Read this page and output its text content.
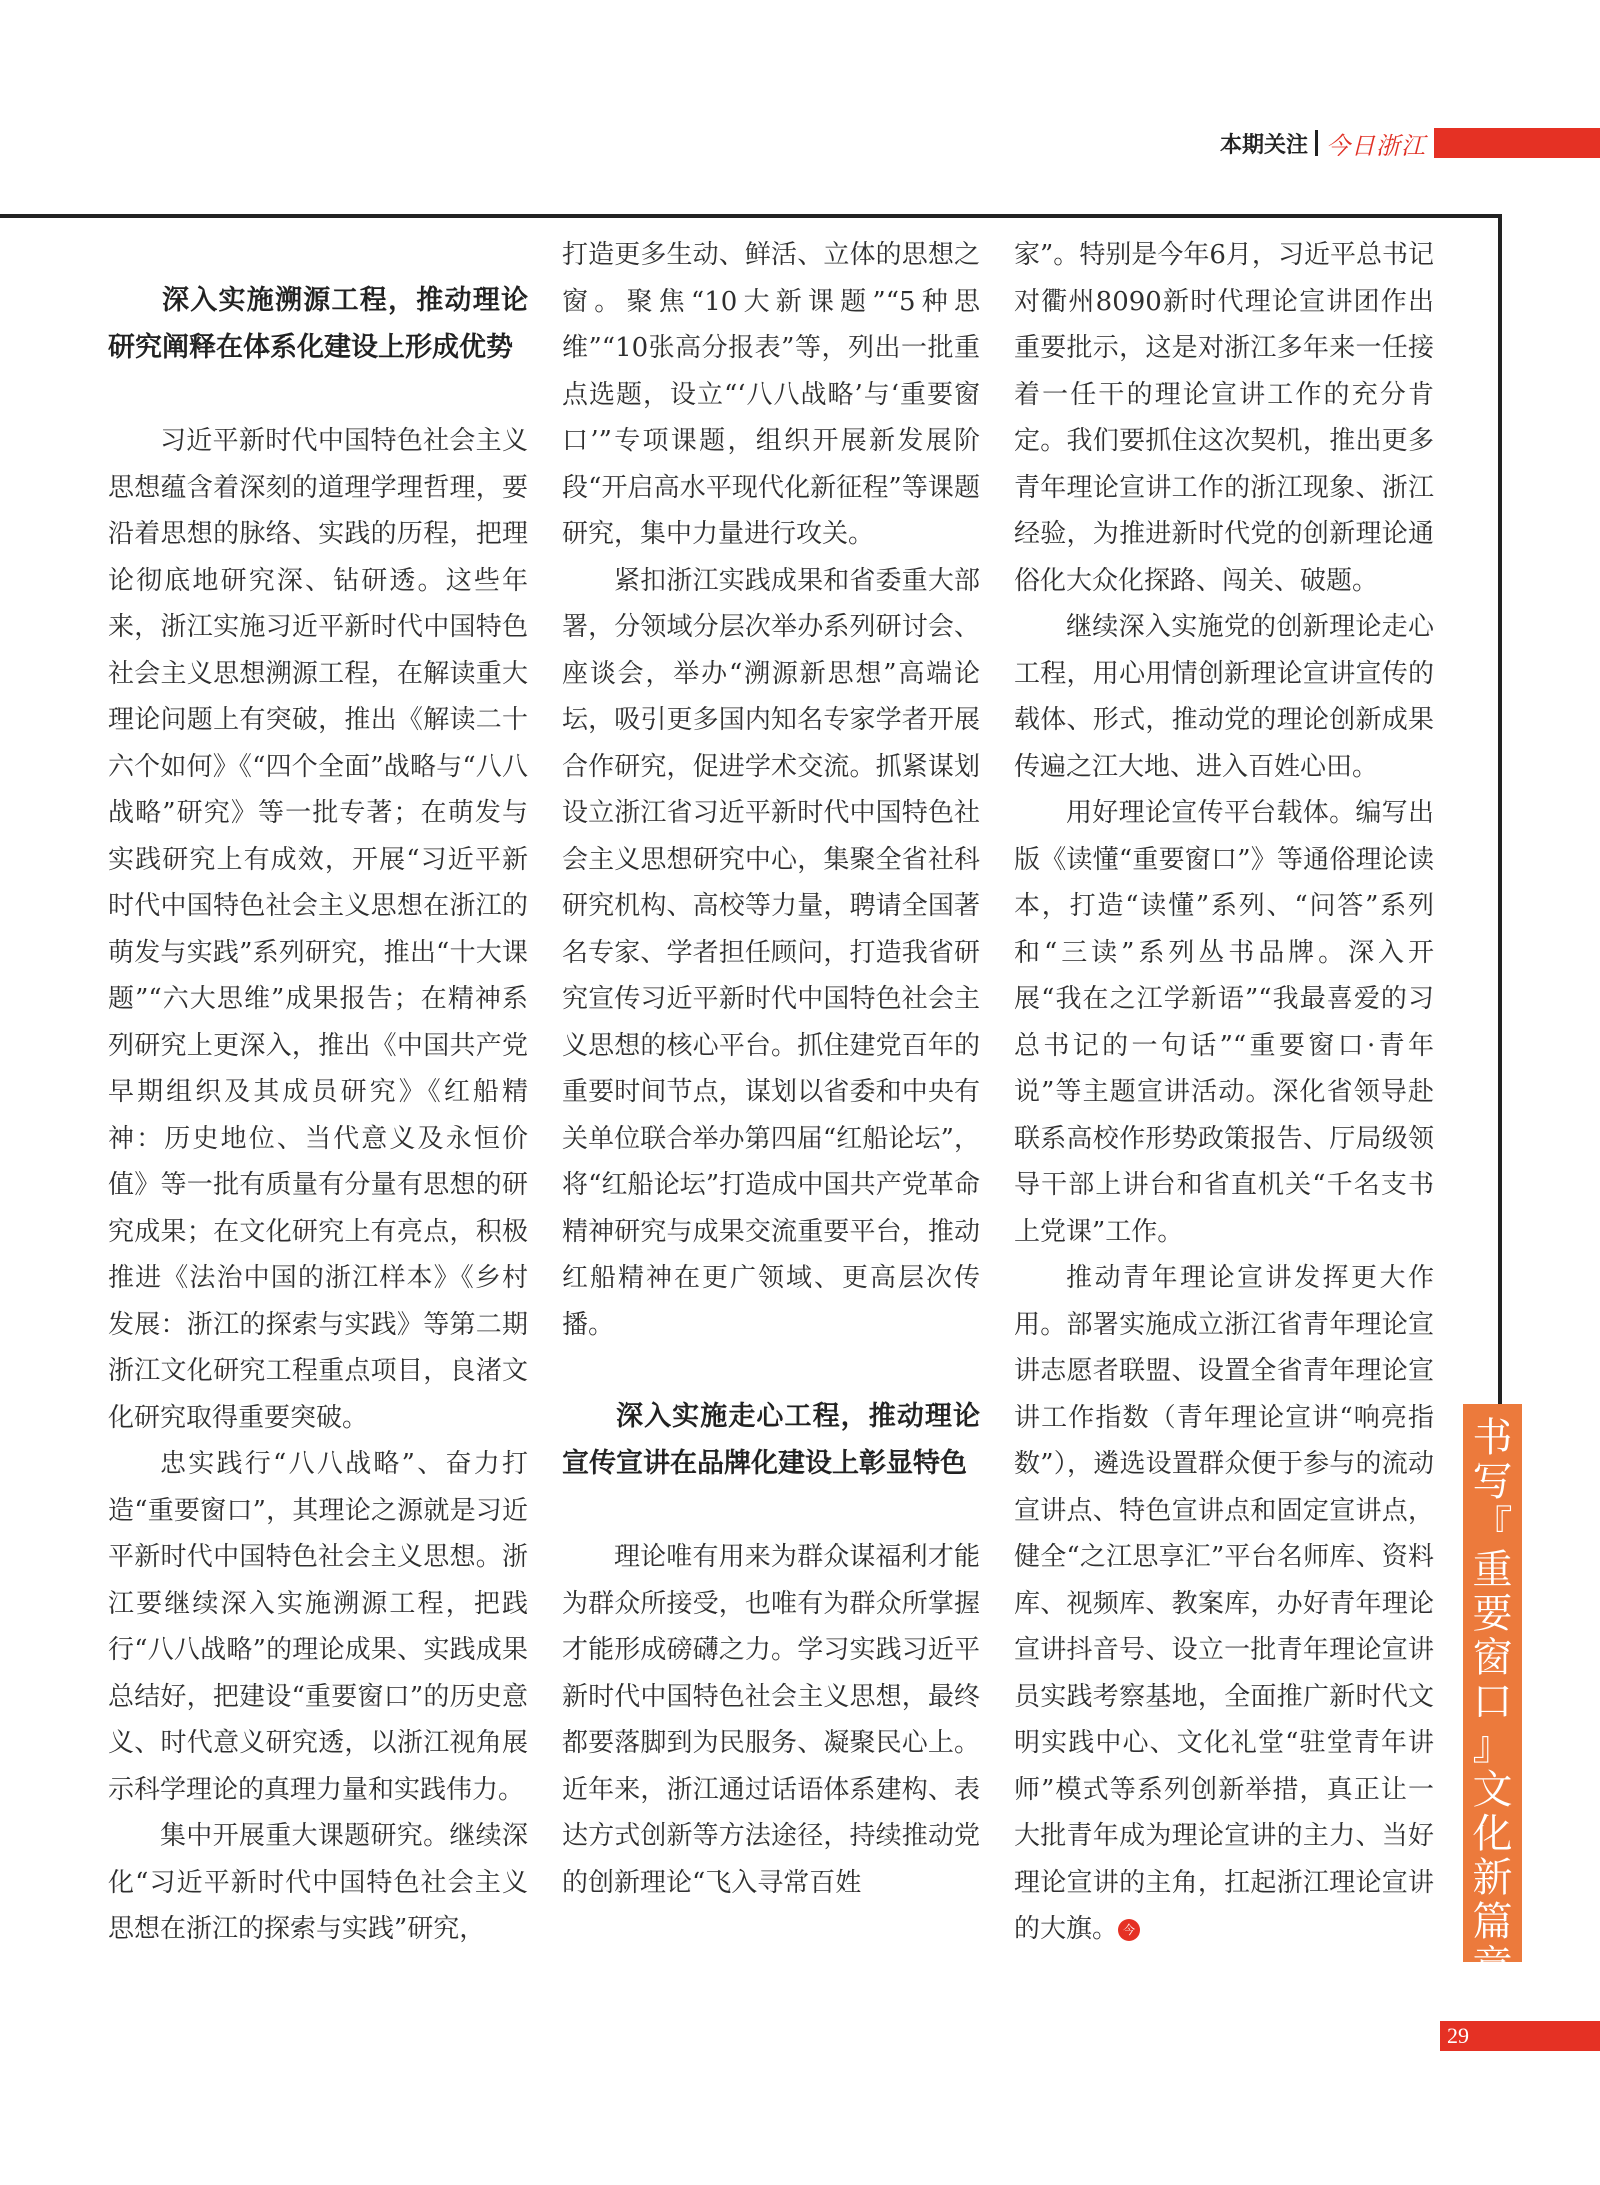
本期关注 今日浙江
深入实施溯源工程，推动理论研究阐释在体系化建设上形成优势

习近平新时代中国特色社会主义思想蕴含着深刻的道理学理哲理，要沿着思想的脉络、实践的历程，把理论彻底地研究深、钻研透。这些年来，浙江实施习近平新时代中国特色社会主义思想溯源工程，在解读重大理论问题上有突破，推出《解读二十六个如何》《“四个全面”战略与“八八战略”研究》等一批专著；在萌发与实践研究上有成效，开展“习近平新时代中国特色社会主义思想在浙江的萌发与实践”系列研究，推出“十大课题”“六大思维”成果报告；在精神系列研究上更深入，推出《中国共产党早期组织及其成员研究》《红船精神：历史地位、当代意义及永恒价值》等一批有质量有分量有思想的研究成果；在文化研究上有亮点，积极推进《法治中国的浙江样本》《乡村发展：浙江的探索与实践》等第二期浙江文化研究工程重点项目，良渚文化研究取得重要突破。

忠实践行“八八战略”、奋力打造“重要窗口”，其理论之源就是习近平新时代中国特色社会主义思想。浙江要继续深入实施溯源工程，把践行“八八战略”的理论成果、实践成果总结好，把建设“重要窗口”的历史意义、时代意义研究透，以浙江视角展示科学理论的真理力量和实践伟力。

集中开展重大课题研究。继续深化“习近平新时代中国特色社会主义思想在浙江的探索与实践”研究，

打造更多生动、鲜活、立体的思想之窗。聚焦“10大新课题”“5种思维”“10张高分报表”等，列出一批重点选题，设立“‘八八战略’与‘重要窗口’”专项课题，组织开展新发展阶段“开启高水平现代化新征程”等课题研究，集中力量进行攻关。

紧扣浙江实践成果和省委重大部署，分领域分层次举办系列研讨会、座谈会，举办“溯源新思想”高端论坛，吸引更多国内知名专家学者开展合作研究，促进学术交流。抓紧谋划设立浙江省习近平新时代中国特色社会主义思想研究中心，集聚全省社科研究机构、高校等力量，聘请全国著名专家、学者担任顾问，打造我省研究宣传习近平新时代中国特色社会主义思想的核心平台。抓住建党百年的重要时间节点，谋划以省委和中央有关单位联合举办第四届“红船论坛”，将“红船论坛”打造成中国共产党革命精神研究与成果交流重要平台，推动红船精神在更广领域、更高层次传播。

深入实施走心工程，推动理论宣传宣讲在品牌化建设上彰显特色

理论唯有用来为群众谋福利才能为群众所接受，也唯有为群众所掌握才能形成磅礴之力。学习实践习近平新时代中国特色社会主义思想，最终都要落脚到为民服务、凝聚民心上。近年来，浙江通过话语体系建构、表达方式创新等方法途径，持续推动党的创新理论“飞入寻常百姓

家”。特别是今年6月，习近平总书记对衢州8090新时代理论宣讲团作出重要批示，这是对浙江多年来一任接着一任干的理论宣讲工作的充分肯定。我们要抓住这次契机，推出更多青年理论宣讲工作的浙江现象、浙江经验，为推进新时代党的创新理论通俗化大众化探路、闯关、破题。

继续深入实施党的创新理论走心工程，用心用情创新理论宣讲宣传的载体、形式，推动党的理论创新成果传遍之江大地、进入百姓心田。

用好理论宣传平台载体。编写出版《读懂“重要窗口”》等通俗理论读本，打造“读懂”系列、“问答”系列和“三读”系列丛书品牌。深入开展“我在之江学新语”“我最喜爱的习总书记的一句话”“重要窗口·青年说”等主题宣讲活动。深化省领导赴联系高校作形势政策报告、厅局级领导干部上讲台和省直机关“千名支书上党课”工作。

推动青年理论宣讲发挥更大作用。部署实施成立浙江省青年理论宣讲志愿者联盟、设置全省青年理论宣讲工作指数（青年理论宣讲“响亮指数”），遴选设置群众便于参与的流动宣讲点、特色宣讲点和固定宣讲点，健全“之江思享汇”平台名师库、资料库、视频库、教案库，办好青年理论宣讲抖音号、设立一批青年理论宣讲员实践考察基地，全面推广新时代文明实践中心、文化礼堂“驻堂青年讲师”模式等系列创新举措，真正让一大批青年成为理论宣讲的主力、当好理论宣讲的主角，扛起浙江理论宣讲的大旗。 今

书
写
『
重
要
窗
口
』
文
化
新
篇
章
29
